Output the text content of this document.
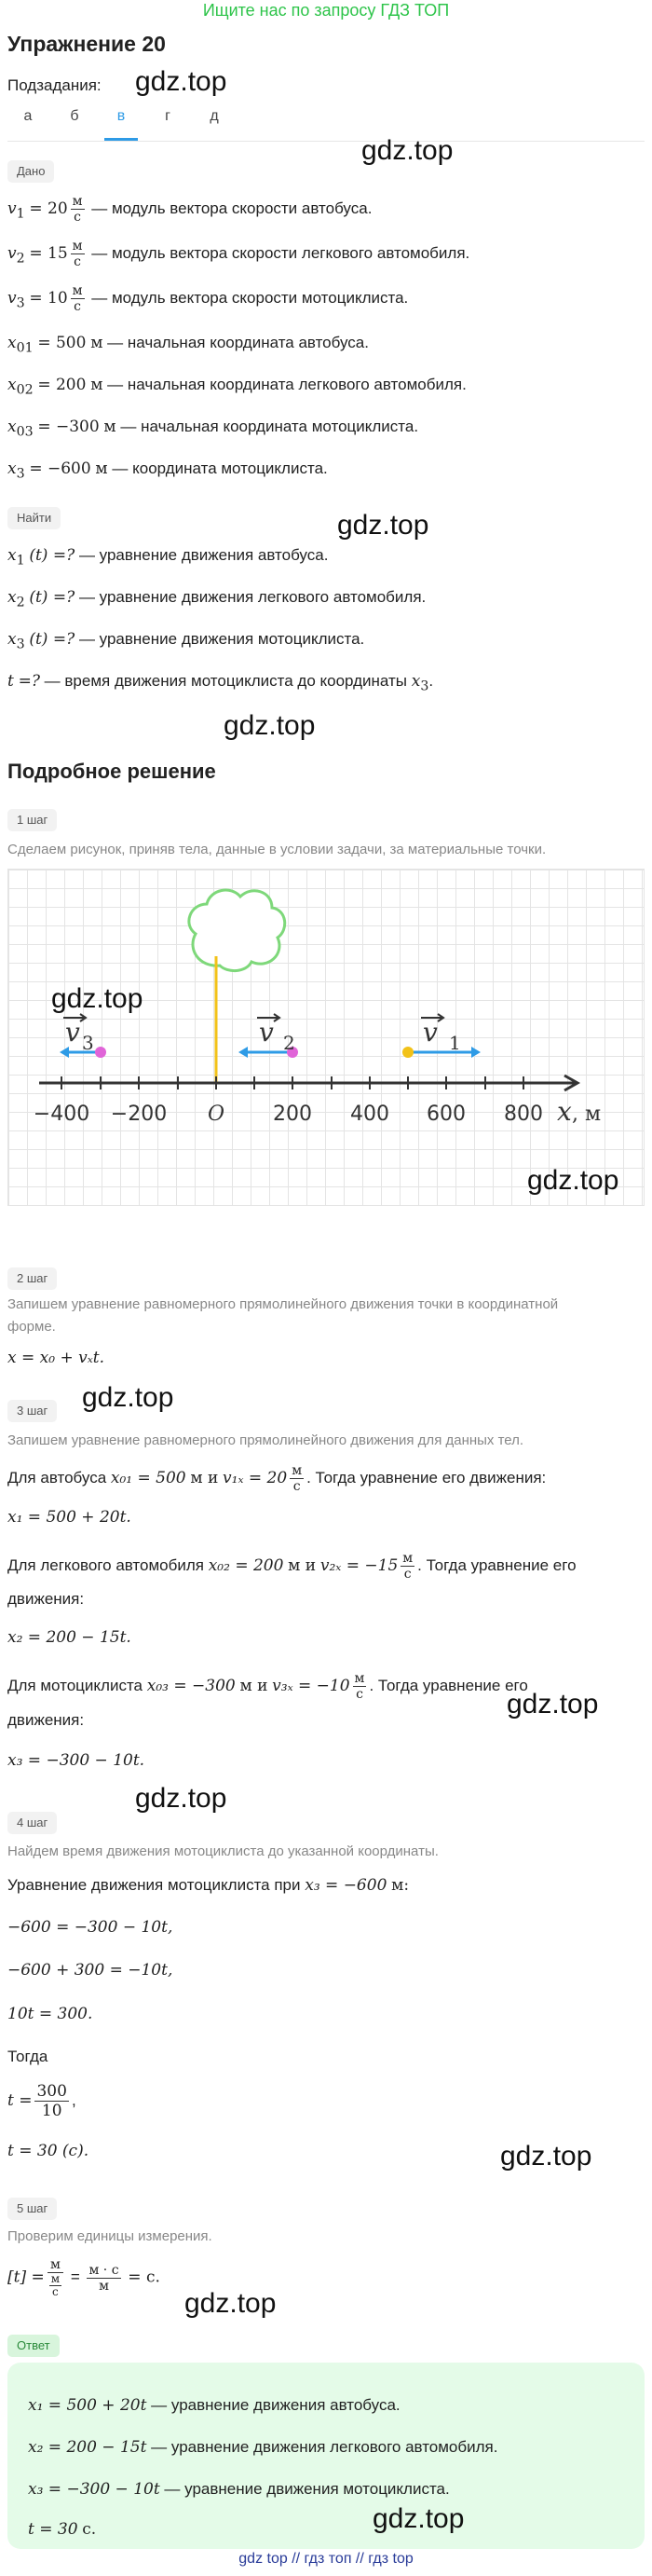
Ищите нас по запросу ГДЗ ТОП
Упражнение 20
Подзадания: gdz.top
а	б	в	г	д
gdz.top
Дано
$v_1 = 20 \frac{м}{с}$ — модуль вектора скорости автобуса.
$v_2 = 15 \frac{м}{с}$ — модуль вектора скорости легкового автомобиля.
$v_3 = 10 \frac{м}{с}$ — модуль вектора скорости мотоциклиста.
$x_{01} = 500$ м — начальная координата автобуса.
$x_{02} = 200$ м — начальная координата легкового автомобиля.
$x_{03} = -300$ м — начальная координата мотоциклиста.
$x_3 = -600$ м — координата мотоциклиста.
Найти	gdz.top
$x_1$ (t) =? — уравнение движения автобуса.
$x_2$ (t) =? — уравнение движения легкового автомобиля.
$x_3$ (t) =? — уравнение движения мотоциклиста.
t =? — время движения мотоциклиста до координаты $x_3$.
gdz.top
Подробное решение
1 шаг
Сделаем рисунок, приняв тела, данные в условии задачи, за материальные точки.
−400 −200 O 200 400 600 800 x , м
v 3	v 2	v 1
gdz.top
gdz.top
2 шаг
Запишем уравнение равномерного прямолинейного движения точки в координатной
форме.
x = x₀ + vₓt.
gdz.top
3 шаг
Запишем уравнение равномерного прямолинейного движения для данных тел.
Для автобуса x₀₁ = 500 м и $v_{1x} = 20 \frac{м}{с}$ . Тогда уравнение его движения:
x₁ = 500 + 20t.
Для легкового автомобиля x₀₂ = 200 м и $v_{2x} = -15 \frac{м}{с}$ . Тогда уравнение его
движения:
x₂ = 200 − 15t.
Для мотоциклиста x₀₃ = −300 м и $v_{3x} = -10 \frac{м}{с}$ . Тогда уравнение его
gdz.top
движения:
x₃ = −300 − 10t.
gdz.top
4 шаг
Найдем время движения мотоциклиста до указанной координаты.
Уравнение движения мотоциклиста при x₃ = −600 м:
−600 = −300 − 10t,
−600 + 300 = −10t,
10t = 300.
Тогда
$t = \frac{300}{10}$ ,
t = 30 (с).	gdz.top
5 шаг
Проверим единицы измерения.
$[t] = \frac{м}{\frac{м}{с}} = \frac{м \cdot с}{м} = с$.
gdz.top
Ответ
x₁ = 500 + 20t — уравнение движения автобуса.
x₂ = 200 − 15t — уравнение движения легкового автомобиля.
x₃ = −300 − 10t — уравнение движения мотоциклиста.
t = 30 с.	gdz.top
gdz top // гдз топ // гдз top
